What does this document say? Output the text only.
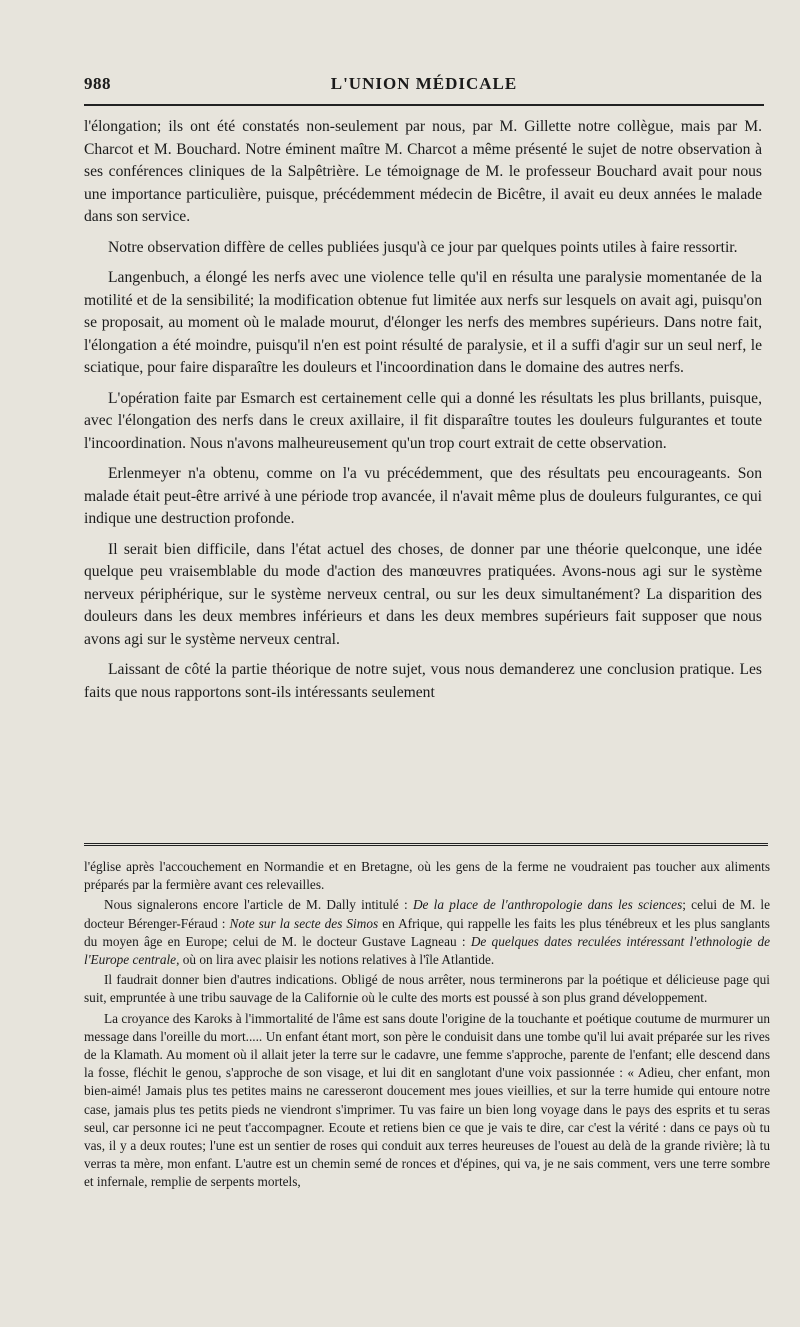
988	L'UNION MÉDICALE

l'élongation; ils ont été constatés non-seulement par nous, par M. Gillette notre collègue, mais par M. Charcot et M. Bouchard. Notre éminent maître M. Charcot a même présenté le sujet de notre observation à ses conférences cliniques de la Salpêtrière. Le témoignage de M. le professeur Bouchard avait pour nous une importance particulière, puisque, précédemment médecin de Bicêtre, il avait eu deux années le malade dans son service.

Notre observation diffère de celles publiées jusqu'à ce jour par quelques points utiles à faire ressortir.

Langenbuch, a élongé les nerfs avec une violence telle qu'il en résulta une paralysie momentanée de la motilité et de la sensibilité; la modification obtenue fut limitée aux nerfs sur lesquels on avait agi, puisqu'on se proposait, au moment où le malade mourut, d'élonger les nerfs des membres supérieurs. Dans notre fait, l'élongation a été moindre, puisqu'il n'en est point résulté de paralysie, et il a suffi d'agir sur un seul nerf, le sciatique, pour faire disparaître les douleurs et l'incoordination dans le domaine des autres nerfs.

L'opération faite par Esmarch est certainement celle qui a donné les résultats les plus brillants, puisque, avec l'élongation des nerfs dans le creux axillaire, il fit disparaître toutes les douleurs fulgurantes et toute l'incoordination. Nous n'avons malheureusement qu'un trop court extrait de cette observation.

Erlenmeyer n'a obtenu, comme on l'a vu précédemment, que des résultats peu encourageants. Son malade était peut-être arrivé à une période trop avancée, il n'avait même plus de douleurs fulgurantes, ce qui indique une destruction profonde.

Il serait bien difficile, dans l'état actuel des choses, de donner par une théorie quelconque, une idée quelque peu vraisemblable du mode d'action des manœuvres pratiquées. Avons-nous agi sur le système nerveux périphérique, sur le système nerveux central, ou sur les deux simultanément? La disparition des douleurs dans les deux membres inférieurs et dans les deux membres supérieurs fait supposer que nous avons agi sur le système nerveux central.

Laissant de côté la partie théorique de notre sujet, vous nous demanderez une conclusion pratique. Les faits que nous rapportons sont-ils intéressants seulement

l'église après l'accouchement en Normandie et en Bretagne, où les gens de la ferme ne voudraient pas toucher aux aliments préparés par la fermière avant ces relevailles.

Nous signalerons encore l'article de M. Dally intitulé : De la place de l'anthropologie dans les sciences; celui de M. le docteur Bérenger-Féraud : Note sur la secte des Simos en Afrique, qui rappelle les faits les plus ténébreux et les plus sanglants du moyen âge en Europe; celui de M. le docteur Gustave Lagneau : De quelques dates reculées intéressant l'ethnologie de l'Europe centrale, où on lira avec plaisir les notions relatives à l'île Atlantide.

Il faudrait donner bien d'autres indications. Obligé de nous arrêter, nous terminerons par la poétique et délicieuse page qui suit, empruntée à une tribu sauvage de la Californie où le culte des morts est poussé à son plus grand développement.

La croyance des Karoks à l'immortalité de l'âme est sans doute l'origine de la touchante et poétique coutume de murmurer un message dans l'oreille du mort..... Un enfant étant mort, son père le conduisit dans une tombe qu'il lui avait préparée sur les rives de la Klamath. Au moment où il allait jeter la terre sur le cadavre, une femme s'approche, parente de l'enfant; elle descend dans la fosse, fléchit le genou, s'approche de son visage, et lui dit en sanglotant d'une voix passionnée : « Adieu, cher enfant, mon bien-aimé! Jamais plus tes petites mains ne caresseront doucement mes joues vieillies, et sur la terre humide qui entoure notre case, jamais plus tes petits pieds ne viendront s'imprimer. Tu vas faire un bien long voyage dans le pays des esprits et tu seras seul, car personne ici ne peut t'accompagner. Ecoute et retiens bien ce que je vais te dire, car c'est la vérité : dans ce pays où tu vas, il y a deux routes; l'une est un sentier de roses qui conduit aux terres heureuses de l'ouest au delà de la grande rivière; là tu verras ta mère, mon enfant. L'autre est un chemin semé de ronces et d'épines, qui va, je ne sais comment, vers une terre sombre et infernale, remplie de serpents mortels,
